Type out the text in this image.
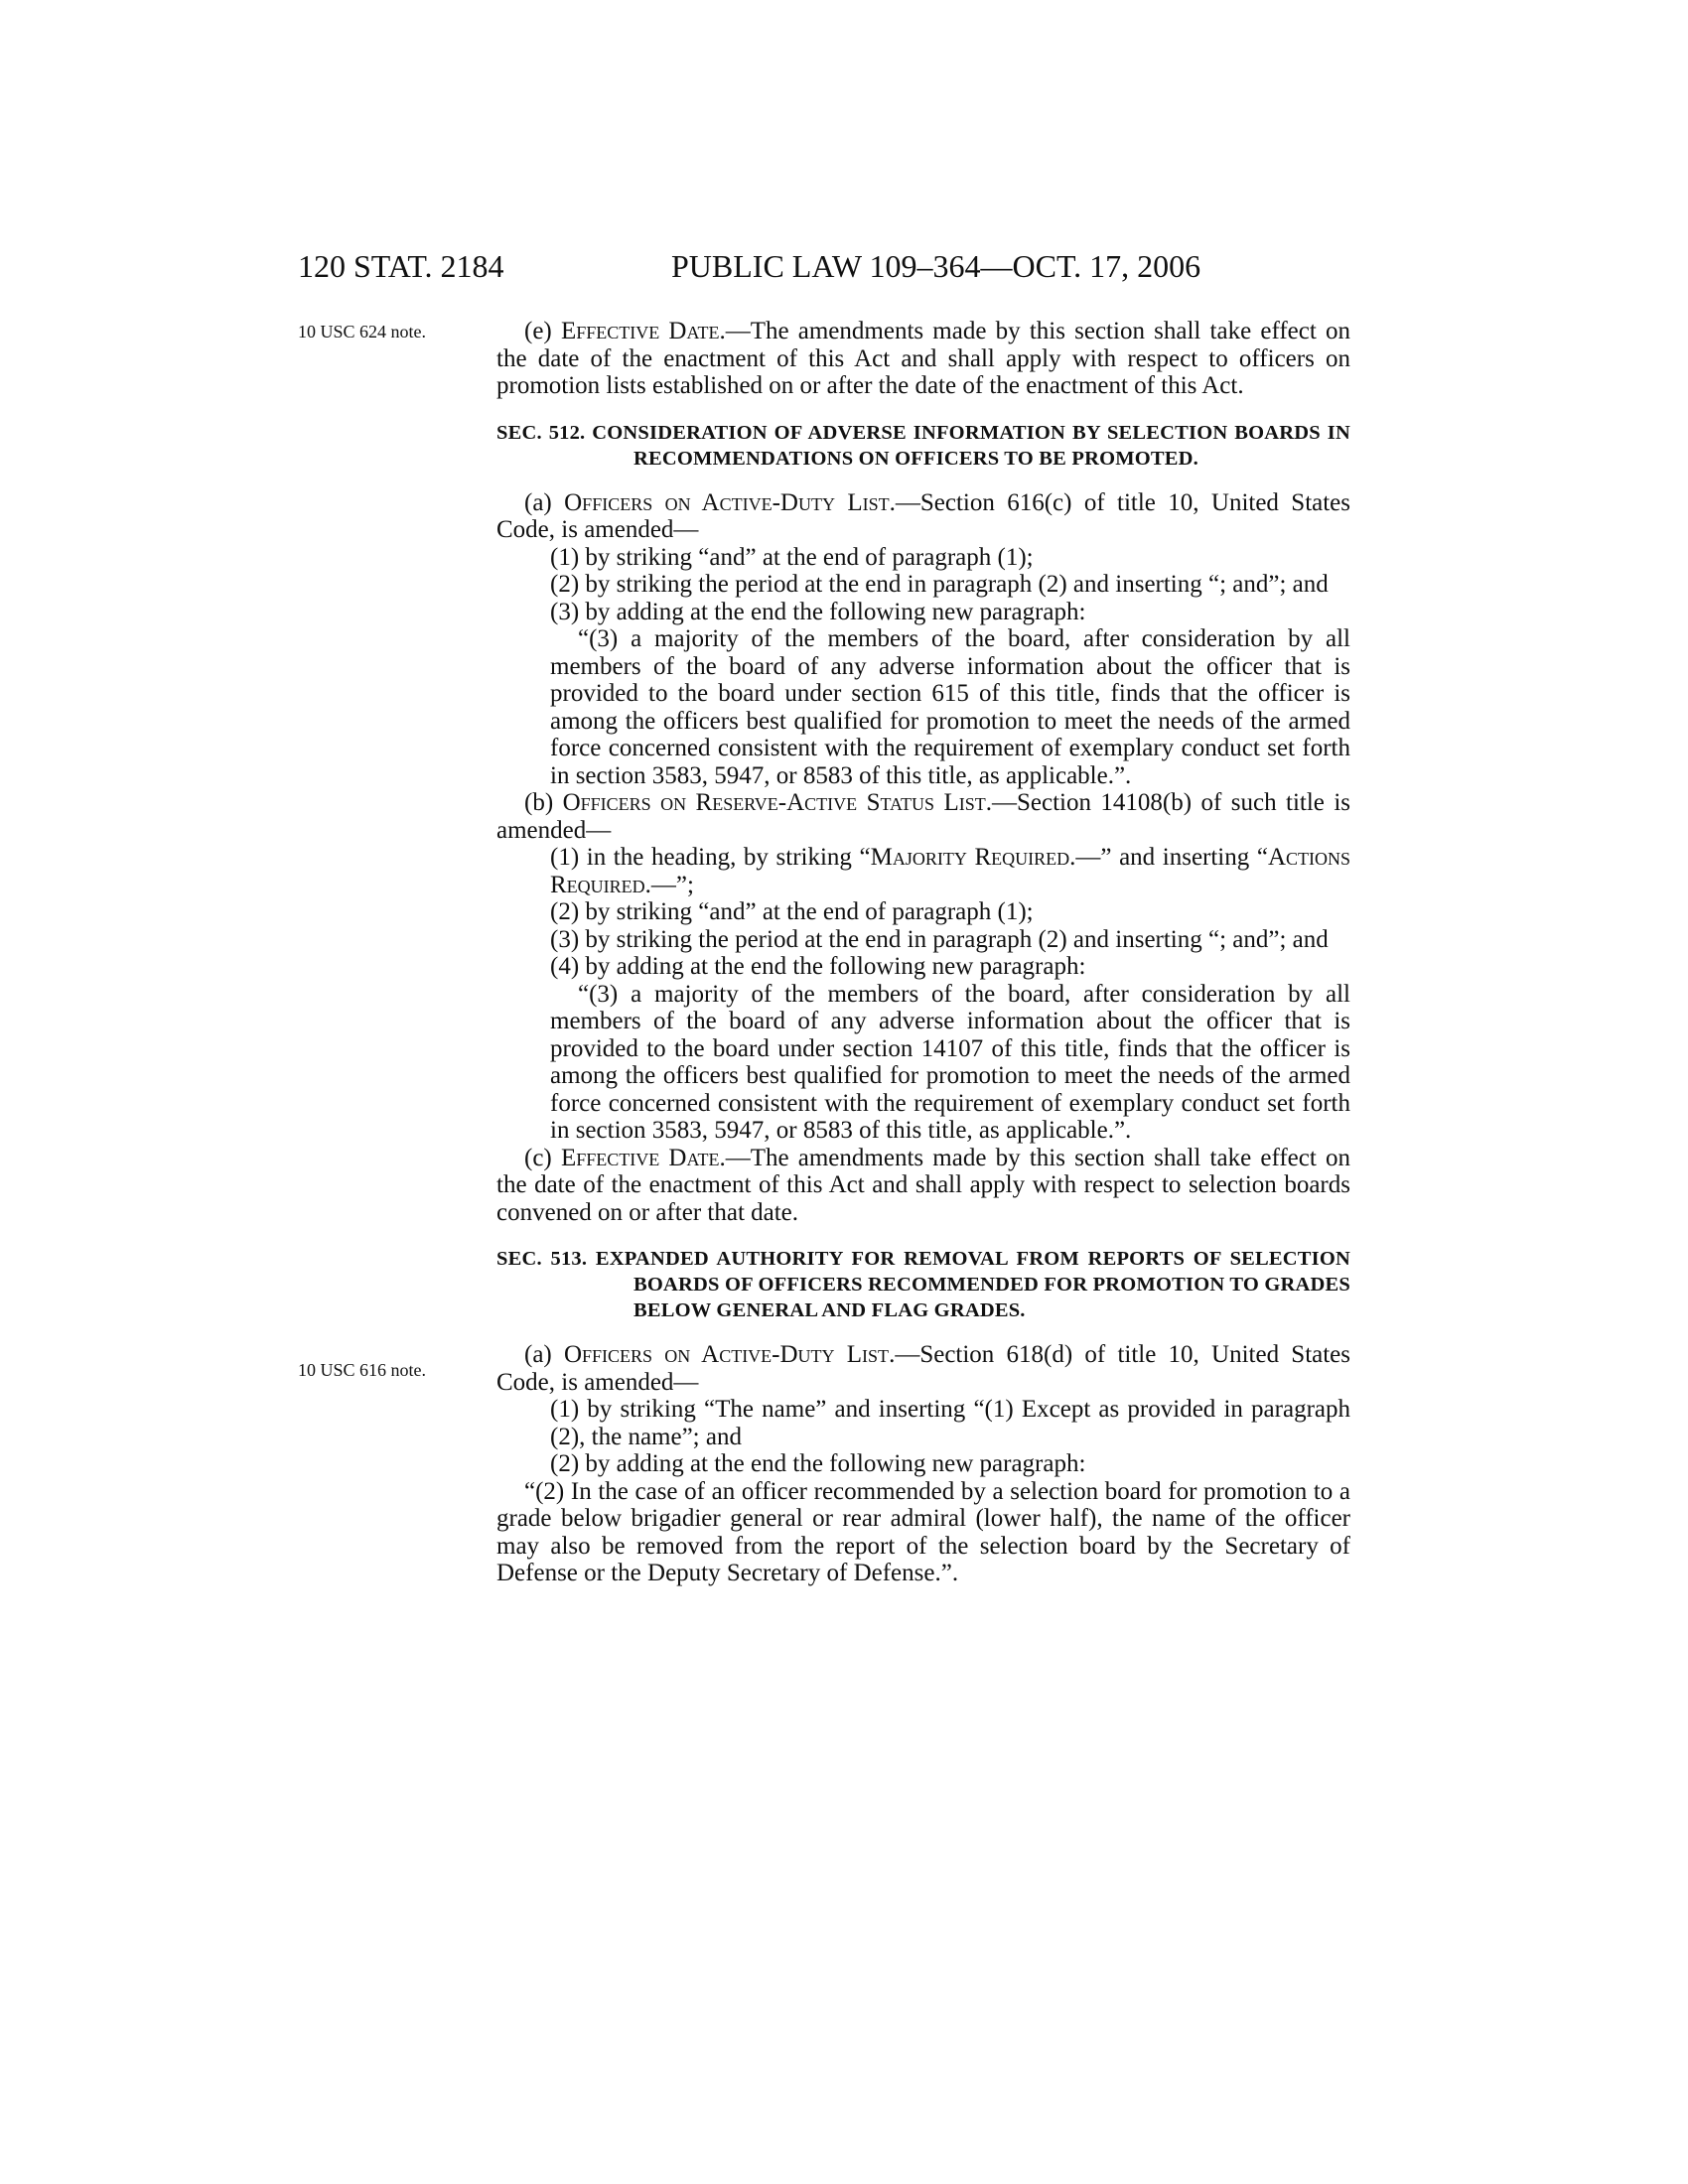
120 STAT. 2184	PUBLIC LAW 109–364—OCT. 17, 2006
10 USC 624 note.
10 USC 616 note.

(e) Effective Date.—The amendments made by this section shall take effect on the date of the enactment of this Act and shall apply with respect to officers on promotion lists established on or after the date of the enactment of this Act.

SEC. 512. CONSIDERATION OF ADVERSE INFORMATION BY SELECTION BOARDS IN RECOMMENDATIONS ON OFFICERS TO BE PROMOTED.

(a) Officers on Active-Duty List.—Section 616(c) of title 10, United States Code, is amended—

(1) by striking “and” at the end of paragraph (1);

(2) by striking the period at the end in paragraph (2) and inserting “; and”; and

(3) by adding at the end the following new paragraph:

“(3) a majority of the members of the board, after consideration by all members of the board of any adverse information about the officer that is provided to the board under section 615 of this title, finds that the officer is among the officers best qualified for promotion to meet the needs of the armed force concerned consistent with the requirement of exemplary conduct set forth in section 3583, 5947, or 8583 of this title, as applicable.”.

(b) Officers on Reserve-Active Status List.—Section 14108(b) of such title is amended—

(1) in the heading, by striking “Majority Required.—” and inserting “Actions Required.—”;

(2) by striking “and” at the end of paragraph (1);

(3) by striking the period at the end in paragraph (2) and inserting “; and”; and

(4) by adding at the end the following new paragraph:

“(3) a majority of the members of the board, after consideration by all members of the board of any adverse information about the officer that is provided to the board under section 14107 of this title, finds that the officer is among the officers best qualified for promotion to meet the needs of the armed force concerned consistent with the requirement of exemplary conduct set forth in section 3583, 5947, or 8583 of this title, as applicable.”.

(c) Effective Date.—The amendments made by this section shall take effect on the date of the enactment of this Act and shall apply with respect to selection boards convened on or after that date.

SEC. 513. EXPANDED AUTHORITY FOR REMOVAL FROM REPORTS OF SELECTION BOARDS OF OFFICERS RECOMMENDED FOR PROMOTION TO GRADES BELOW GENERAL AND FLAG GRADES.

(a) Officers on Active-Duty List.—Section 618(d) of title 10, United States Code, is amended—

(1) by striking “The name” and inserting “(1) Except as provided in paragraph (2), the name”; and

(2) by adding at the end the following new paragraph:

“(2) In the case of an officer recommended by a selection board for promotion to a grade below brigadier general or rear admiral (lower half), the name of the officer may also be removed from the report of the selection board by the Secretary of Defense or the Deputy Secretary of Defense.”.
